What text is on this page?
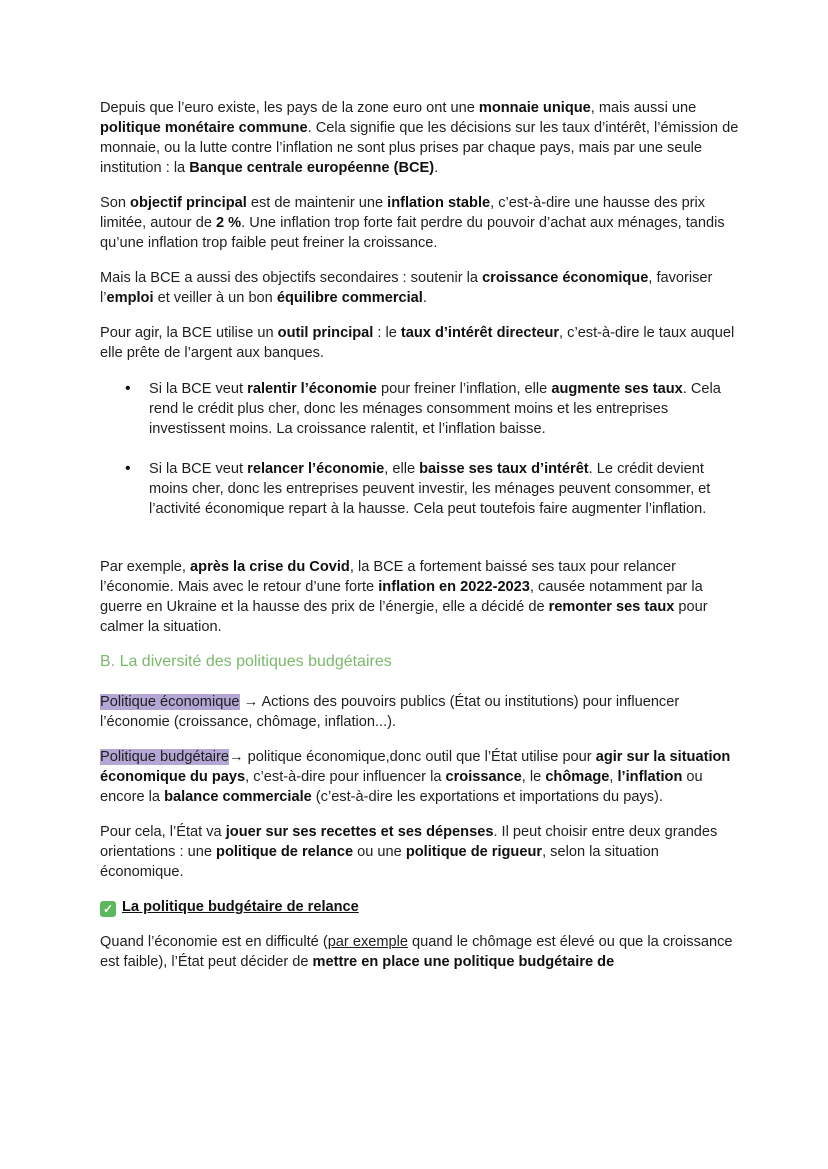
Depuis que l’euro existe, les pays de la zone euro ont une monnaie unique, mais aussi une politique monétaire commune. Cela signifie que les décisions sur les taux d’intérêt, l’émission de monnaie, ou la lutte contre l’inflation ne sont plus prises par chaque pays, mais par une seule institution : la Banque centrale européenne (BCE).

Son objectif principal est de maintenir une inflation stable, c’est-à-dire une hausse des prix limitée, autour de 2 %. Une inflation trop forte fait perdre du pouvoir d’achat aux ménages, tandis qu’une inflation trop faible peut freiner la croissance.

Mais la BCE a aussi des objectifs secondaires : soutenir la croissance économique, favoriser l’emploi et veiller à un bon équilibre commercial.

Pour agir, la BCE utilise un outil principal : le taux d’intérêt directeur, c’est-à-dire le taux auquel elle prête de l’argent aux banques.

• Si la BCE veut ralentir l’économie pour freiner l’inflation, elle augmente ses taux. Cela rend le crédit plus cher, donc les ménages consomment moins et les entreprises investissent moins. La croissance ralentit, et l’inflation baisse.
• Si la BCE veut relancer l’économie, elle baisse ses taux d’intérêt. Le crédit devient moins cher, donc les entreprises peuvent investir, les ménages peuvent consommer, et l’activité économique repart à la hausse. Cela peut toutefois faire augmenter l’inflation.

Par exemple, après la crise du Covid, la BCE a fortement baissé ses taux pour relancer l’économie. Mais avec le retour d’une forte inflation en 2022-2023, causée notamment par la guerre en Ukraine et la hausse des prix de l’énergie, elle a décidé de remonter ses taux pour calmer la situation.

B. La diversité des politiques budgétaires

Politique économique → Actions des pouvoirs publics (État ou institutions) pour influencer l’économie (croissance, chômage, inflation...).

Politique budgétaire→ politique économique,donc outil que l’État utilise pour agir sur la situation économique du pays, c’est-à-dire pour influencer la croissance, le chômage, l’inflation ou encore la balance commerciale (c’est-à-dire les exportations et importations du pays).

Pour cela, l’État va jouer sur ses recettes et ses dépenses. Il peut choisir entre deux grandes orientations : une politique de relance ou une politique de rigueur, selon la situation économique.

✓ La politique budgétaire de relance

Quand l’économie est en difficulté (par exemple quand le chômage est élevé ou que la croissance est faible), l’État peut décider de mettre en place une politique budgétaire de
